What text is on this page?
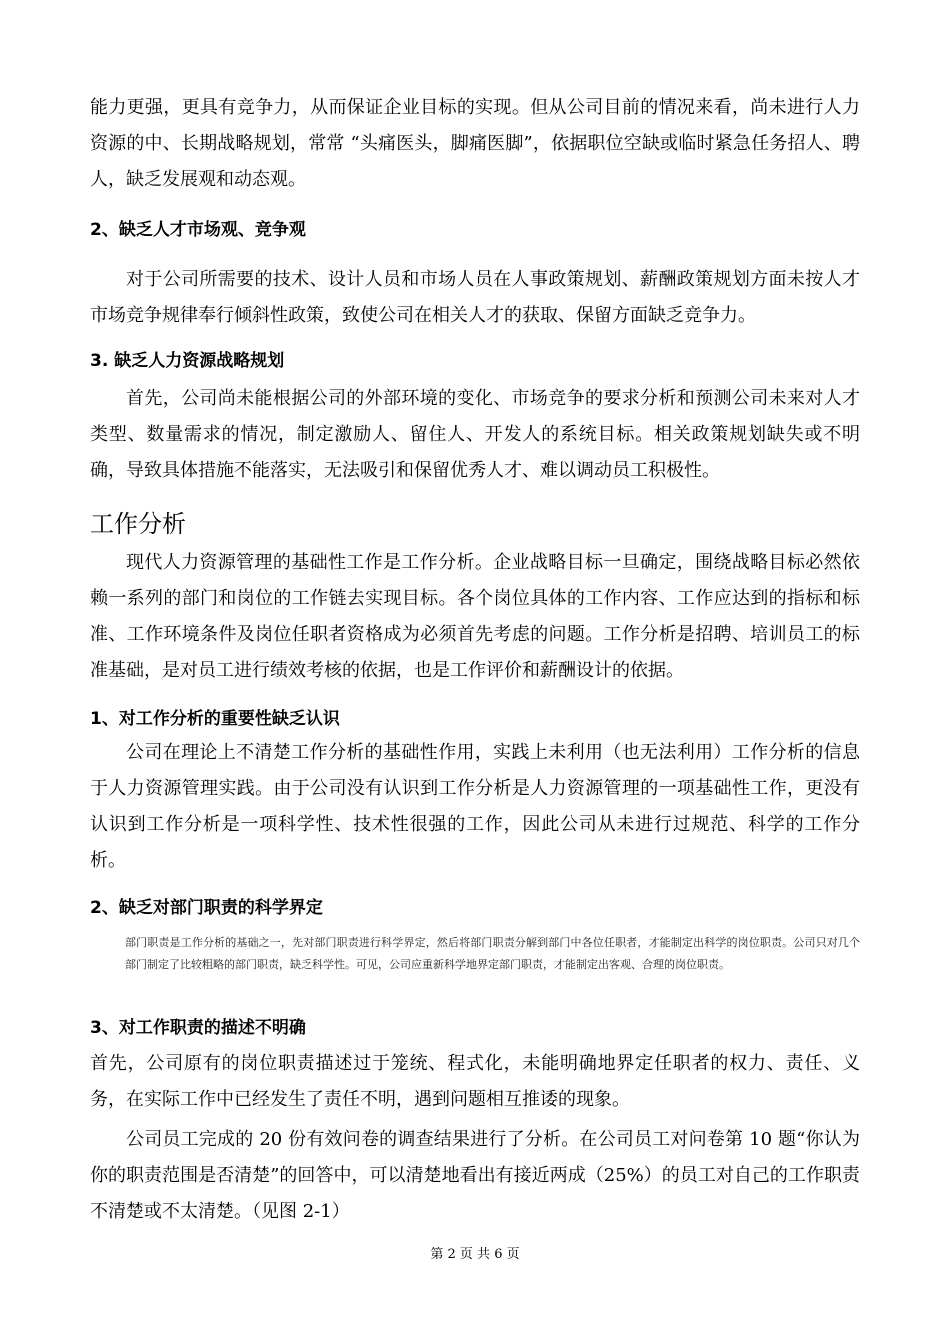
能力更强，更具有竞争力，从而保证企业目标的实现。但从公司目前的情况来看，尚未进行人力资源的中、长期战略规划，常常 “头痛医头，脚痛医脚”，依据职位空缺或临时紧急任务招人、聘人，缺乏发展观和动态观。

2、缺乏人才市场观、竞争观

对于公司所需要的技术、设计人员和市场人员在人事政策规划、薪酬政策规划方面未按人才市场竞争规律奉行倾斜性政策，致使公司在相关人才的获取、保留方面缺乏竞争力。

3. 缺乏人力资源战略规划

首先，公司尚未能根据公司的外部环境的变化、市场竞争的要求分析和预测公司未来对人才类型、数量需求的情况，制定激励人、留住人、开发人的系统目标。相关政策规划缺失或不明确，导致具体措施不能落实，无法吸引和保留优秀人才、难以调动员工积极性。

工作分析

现代人力资源管理的基础性工作是工作分析。企业战略目标一旦确定，围绕战略目标必然依赖一系列的部门和岗位的工作链去实现目标。各个岗位具体的工作内容、工作应达到的指标和标准、工作环境条件及岗位任职者资格成为必须首先考虑的问题。工作分析是招聘、培训员工的标准基础，是对员工进行绩效考核的依据，也是工作评价和薪酬设计的依据。

1、对工作分析的重要性缺乏认识

公司在理论上不清楚工作分析的基础性作用，实践上未利用（也无法利用）工作分析的信息于人力资源管理实践。由于公司没有认识到工作分析是人力资源管理的一项基础性工作，更没有认识到工作分析是一项科学性、技术性很强的工作，因此公司从未进行过规范、科学的工作分析。

2、缺乏对部门职责的科学界定

部门职责是工作分析的基础之一，先对部门职责进行科学界定，然后将部门职责分解到部门中各位任职者，才能制定出科学的岗位职责。公司只对几个部门制定了比较粗略的部门职责，缺乏科学性。可见，公司应重新科学地界定部门职责，才能制定出客观、合理的岗位职责。

3、对工作职责的描述不明确

首先，公司原有的岗位职责描述过于笼统、程式化，未能明确地界定任职者的权力、责任、义务，在实际工作中已经发生了责任不明，遇到问题相互推诿的现象。

公司员工完成的 20 份有效问卷的调查结果进行了分析。在公司员工对问卷第 10 题“你认为你的职责范围是否清楚”的回答中，可以清楚地看出有接近两成（25%）的员工对自己的工作职责不清楚或不太清楚。（见图 2-1）

第 2 页 共 6 页
